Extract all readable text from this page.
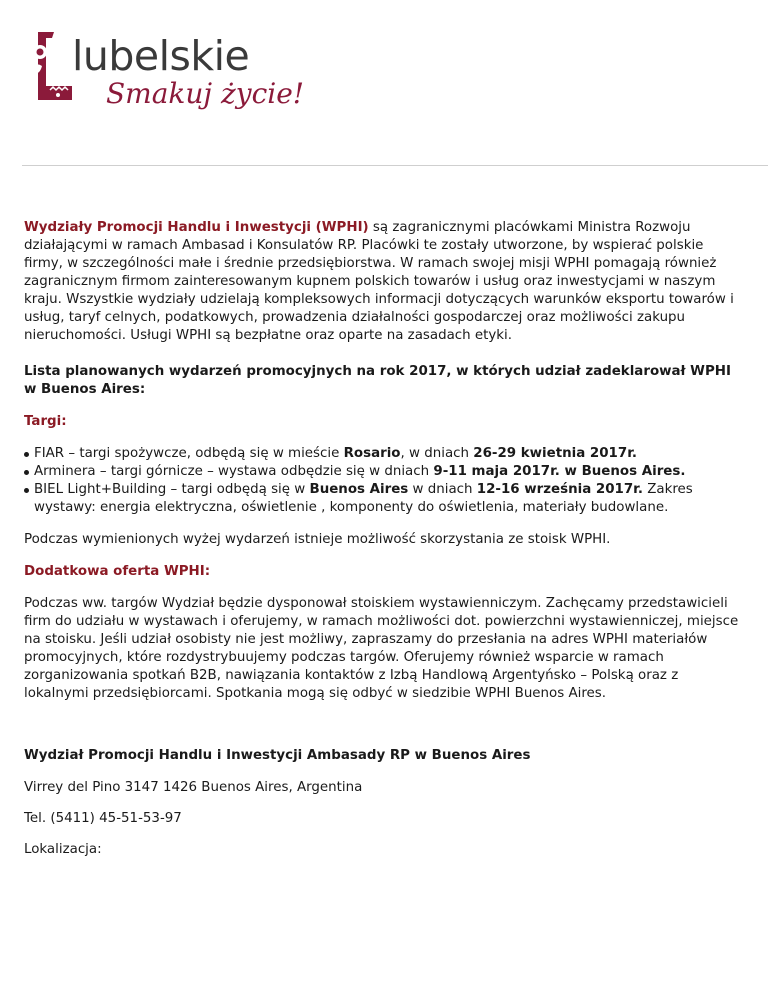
lubelskie
Smakuj życie!

Wydziały Promocji Handlu i Inwestycji (WPHI) są zagranicznymi placówkami Ministra Rozwoju działającymi w ramach Ambasad i Konsulatów RP. Placówki te zostały utworzone, by wspierać polskie firmy, w szczególności małe i średnie przedsiębiorstwa. W ramach swojej misji WPHI pomagają również zagranicznym firmom zainteresowanym kupnem polskich towarów i usług oraz inwestycjami w naszym kraju. Wszystkie wydziały udzielają kompleksowych informacji dotyczących warunków eksportu towarów i usług, taryf celnych, podatkowych, prowadzenia działalności gospodarczej oraz możliwości zakupu nieruchomości. Usługi WPHI są bezpłatne oraz oparte na zasadach etyki.

Lista planowanych wydarzeń promocyjnych na rok 2017, w których udział zadeklarował WPHI w Buenos Aires:

Targi:

FIAR – targi spożywcze, odbędą się w mieście Rosario, w dniach 26-29 kwietnia 2017r.
Arminera – targi górnicze – wystawa odbędzie się w dniach 9-11 maja 2017r. w Buenos Aires.
BIEL Light+Building – targi odbędą się w Buenos Aires w dniach 12-16 września 2017r. Zakres wystawy: energia elektryczna, oświetlenie , komponenty do oświetlenia, materiały budowlane.

Podczas wymienionych wyżej wydarzeń istnieje możliwość skorzystania ze stoisk WPHI.

Dodatkowa oferta WPHI:

Podczas ww. targów Wydział będzie dysponował stoiskiem wystawienniczym. Zachęcamy przedstawicieli firm do udziału w wystawach i oferujemy, w ramach możliwości dot. powierzchni wystawienniczej, miejsce na stoisku. Jeśli udział osobisty nie jest możliwy, zapraszamy do przesłania na adres WPHI materiałów promocyjnych, które rozdystrybuujemy podczas targów. Oferujemy również wsparcie w ramach zorganizowania spotkań B2B, nawiązania kontaktów z Izbą Handlową Argentyńsko – Polską oraz z lokalnymi przedsiębiorcami. Spotkania mogą się odbyć w siedzibie WPHI Buenos Aires.

Wydział Promocji Handlu i Inwestycji Ambasady RP w Buenos Aires

Virrey del Pino 3147 1426 Buenos Aires, Argentina

Tel. (5411) 45-51-53-97

Lokalizacja:
